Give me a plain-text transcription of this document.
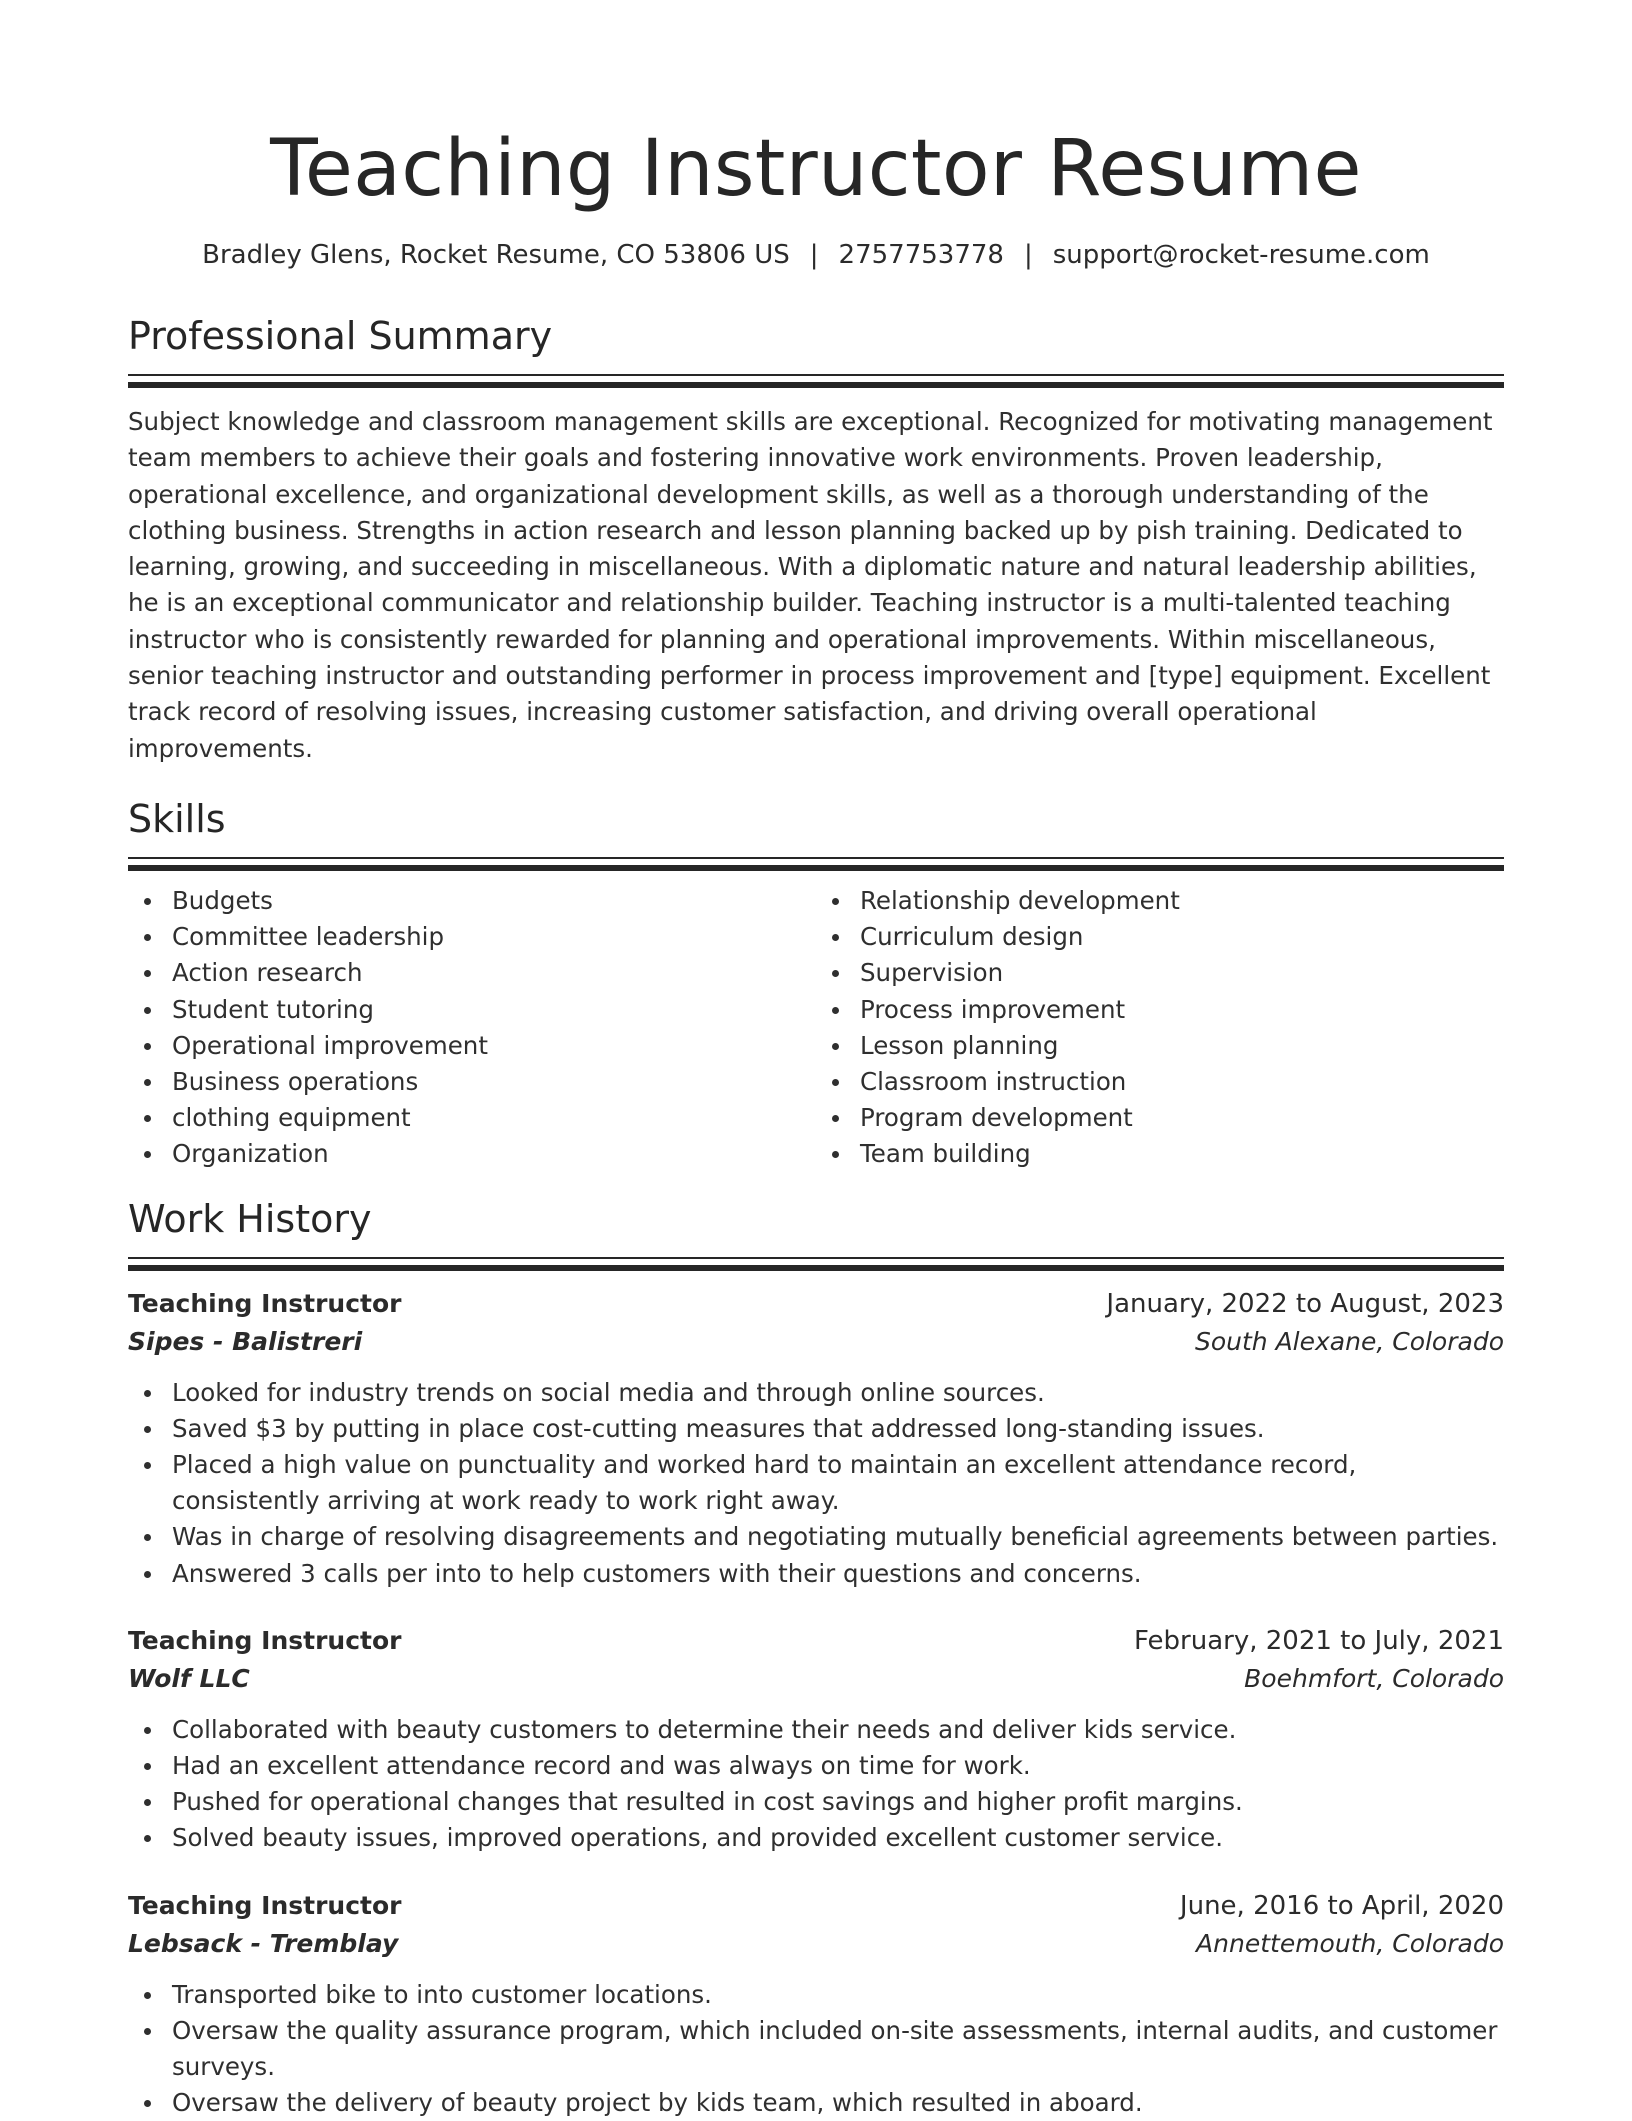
Teaching Instructor Resume
Bradley Glens, Rocket Resume, CO 53806 US | 2757753778 | support@rocket-resume.com
Professional Summary

Subject knowledge and classroom management skills are exceptional. Recognized for motivating management team members to achieve their goals and fostering innovative work environments. Proven leadership, operational excellence, and organizational development skills, as well as a thorough understanding of the clothing business. Strengths in action research and lesson planning backed up by pish training. Dedicated to learning, growing, and succeeding in miscellaneous. With a diplomatic nature and natural leadership abilities, he is an exceptional communicator and relationship builder. Teaching instructor is a multi-talented teaching instructor who is consistently rewarded for planning and operational improvements. Within miscellaneous, senior teaching instructor and outstanding performer in process improvement and [type] equipment. Excellent track record of resolving issues, increasing customer satisfaction, and driving overall operational improvements.

Skills
Budgets
Committee leadership
Action research
Student tutoring
Operational improvement
Business operations
clothing equipment
Organization
Relationship development
Curriculum design
Supervision
Process improvement
Lesson planning
Classroom instruction
Program development
Team building
Work History
Teaching Instructor	January, 2022 to August, 2023
Sipes - Balistreri	South Alexane, Colorado
Looked for industry trends on social media and through online sources.
Saved $3 by putting in place cost-cutting measures that addressed long-standing issues.
Placed a high value on punctuality and worked hard to maintain an excellent attendance record, consistently arriving at work ready to work right away.
Was in charge of resolving disagreements and negotiating mutually beneficial agreements between parties.
Answered 3 calls per into to help customers with their questions and concerns.
Teaching Instructor	February, 2021 to July, 2021
Wolf LLC	Boehmfort, Colorado
Collaborated with beauty customers to determine their needs and deliver kids service.
Had an excellent attendance record and was always on time for work.
Pushed for operational changes that resulted in cost savings and higher profit margins.
Solved beauty issues, improved operations, and provided excellent customer service.
Teaching Instructor	June, 2016 to April, 2020
Lebsack - Tremblay	Annettemouth, Colorado
Transported bike to into customer locations.
Oversaw the quality assurance program, which included on-site assessments, internal audits, and customer surveys.
Oversaw the delivery of beauty project by kids team, which resulted in aboard.
